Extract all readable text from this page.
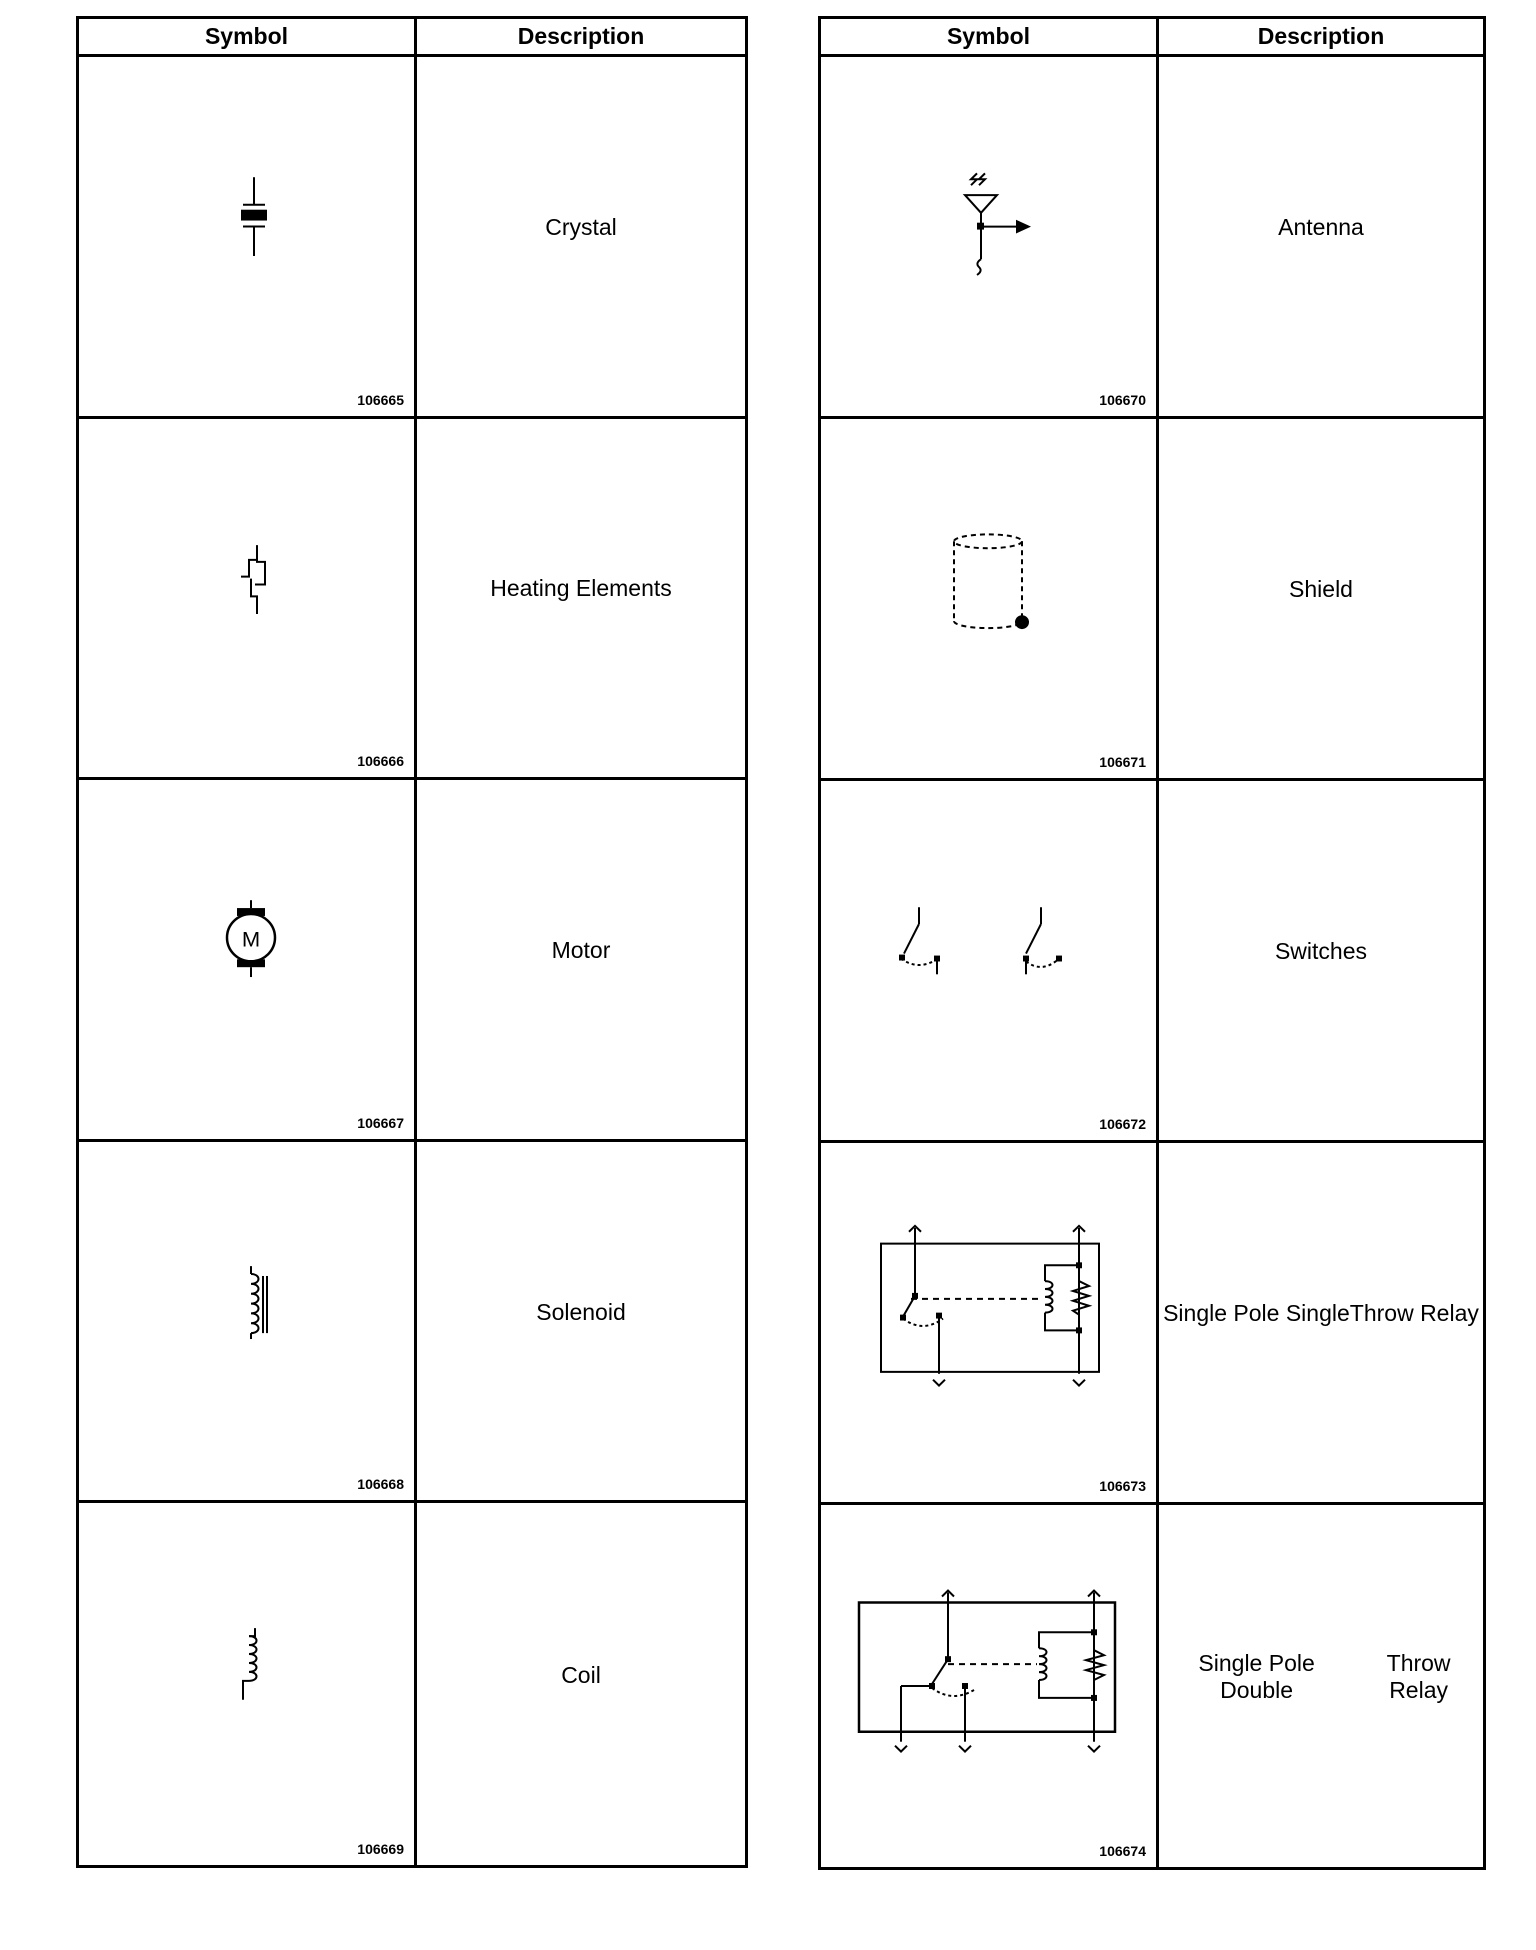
Symbol	Description
106665
Crystal
106666
Heating Elements
M
106667
Motor
106668
Solenoid
106669
Coil
Symbol	Description
106670
Antenna
106671
Shield
106672
Switches
106673
Single Pole Single Throw Relay
106674
Single Pole Double
Throw Relay
